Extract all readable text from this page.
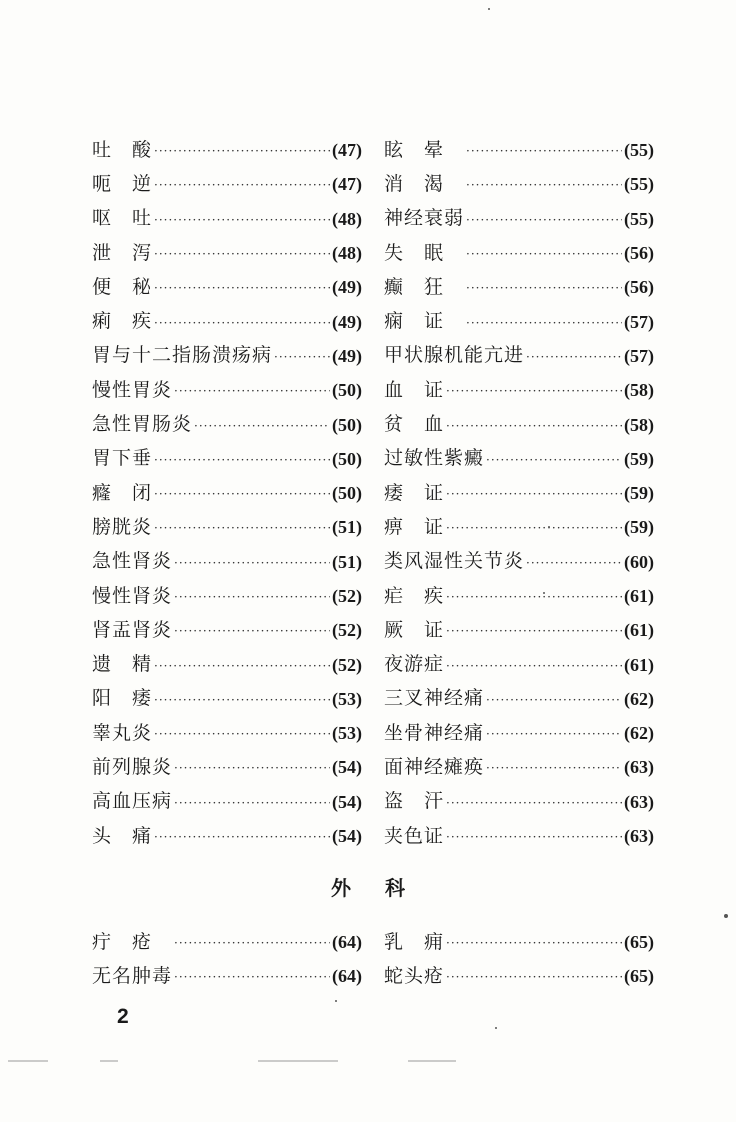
吐　酸 ·····	(47) 眩　晕　 ·····	(55)
呃　逆 ·····	(47) 消　渴　 ·····	(55)
呕　吐 ·····	(48) 神经衰弱 ·····	(55)
泄　泻 ·····	(48) 失　眠　 ·····	(56)
便　秘 ·····	(49) 癫　狂　 ·····	(56)
痢　疾 ·····	(49) 痫　证　 ·····	(57)
胃与十二指肠溃疡病 ·····	(49) 甲状腺机能亢进 ·····	(57)
慢性胃炎 ·····	(50) 血　证 ·····	(58)
急性胃肠炎 ·····	(50) 贫　血 ·····	(58)
胃下垂 ·····	(50) 过敏性紫癜 ·····	(59)
癃　闭 ·····	(50) 痿　证 ·····	(59)
膀胱炎 ·····	(51) 痹　证 ·····	(59)
急性肾炎 ·····	(51) 类风湿性关节炎 ·····	(60)
慢性肾炎 ·····	(52) 疟　疾 ·····	(61)
肾盂肾炎 ·····	(52) 厥　证 ·····	(61)
遗　精 ·····	(52) 夜游症 ·····	(61)
阳　痿 ·····	(53) 三叉神经痛 ·····	(62)
睾丸炎 ·····	(53) 坐骨神经痛 ·····	(62)
前列腺炎 ·····	(54) 面神经瘫痪 ·····	(63)
高血压病 ·····	(54) 盗　汗 ·····	(63)
头　痛 ·····	(54) 夹色证 ·····	(63)
外科
疔　疮　 ·····	(64) 乳　痈 ·····	(65)
无名肿毒 ·····	(64) 蛇头疮 ·····	(65)
2
